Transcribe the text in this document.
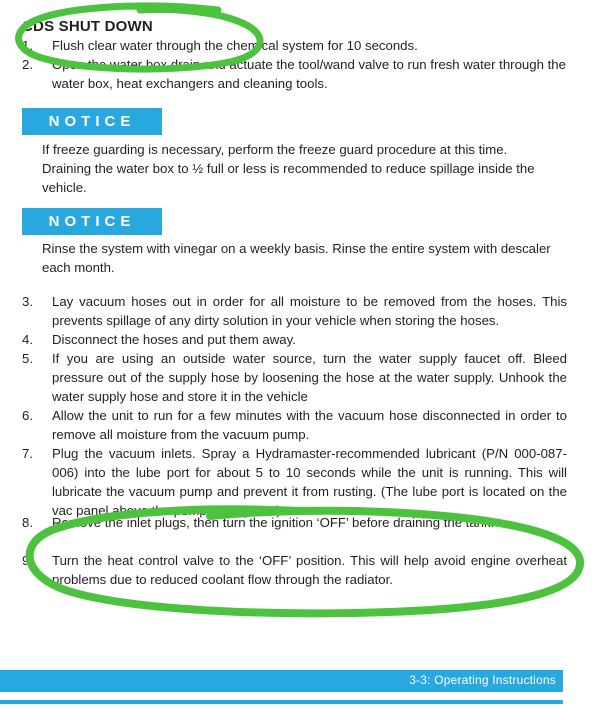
CDS SHUT DOWN
1.	Flush clear water through the chemical system for 10 seconds.
2.	Open the water box drain and actuate the tool/wand valve to run fresh water through the water box, heat exchangers and cleaning tools.
NOTICE
If freeze guarding is necessary, perform the freeze guard procedure at this time. Draining the water box to ½ full or less is recommended to reduce spillage inside the vehicle.
NOTICE
Rinse the system with vinegar on a weekly basis. Rinse the entire system with descaler each month.
3.	Lay vacuum hoses out in order for all moisture to be removed from the hoses. This prevents spillage of any dirty solution in your vehicle when storing the hoses.
4.	Disconnect the hoses and put them away.
5.	If you are using an outside water source, turn the water supply faucet off. Bleed pressure out of the supply hose by loosening the hose at the water supply. Unhook the water supply hose and store it in the vehicle
6.	Allow the unit to run for a few minutes with the vacuum hose disconnected in order to remove all moisture from the vacuum pump.
7.	Plug the vacuum inlets. Spray a Hydramaster-recommended lubricant (P/N 000-087-006) into the lube port for about 5 to 10 seconds while the unit is running. This will lubricate the vacuum pump and prevent it from rusting. (The lube port is located on the vac panel above the pump sight glass.)
8.	Remove the inlet plugs, then turn the ignition ‘OFF’ before draining the tank.
9.	Turn the heat control valve to the ‘OFF’ position. This will help avoid engine overheat problems due to reduced coolant flow through the radiator.
3-3: Operating Instructions
